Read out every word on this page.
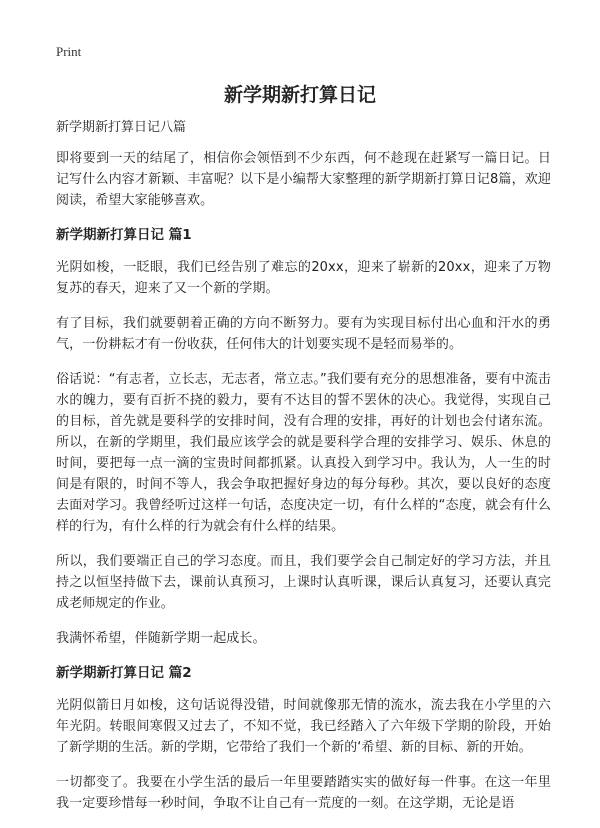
Print
新学期新打算日记

新学期新打算日记八篇

即将要到一天的结尾了，相信你会领悟到不少东西，何不趁现在赶紧写一篇日记。日记写什么内容才新颖、丰富呢？以下是小编帮大家整理的新学期新打算日记8篇，欢迎阅读，希望大家能够喜欢。

新学期新打算日记 篇1

光阴如梭，一眨眼，我们已经告别了难忘的20xx，迎来了崭新的20xx，迎来了万物复苏的春天，迎来了又一个新的学期。

有了目标，我们就要朝着正确的方向不断努力。要有为实现目标付出心血和汗水的勇气，一份耕耘才有一份收获，任何伟大的计划要实现不是轻而易举的。

俗话说：“有志者，立长志，无志者，常立志。”我们要有充分的思想准备，要有中流击水的魄力，要有百折不挠的毅力，要有不达目的誓不罢休的决心。我觉得，实现自己的目标，首先就是要科学的安排时间，没有合理的安排，再好的计划也会付诸东流。所以，在新的学期里，我们最应该学会的就是要科学合理的安排学习、娱乐、休息的时间，要把每一点一滴的宝贵时间都抓紧。认真投入到学习中。我认为，人一生的时间是有限的，时间不等人，我会争取把握好身边的每分每秒。其次，要以良好的态度去面对学习。我曾经听过这样一句话，态度决定一切，有什么样的“态度，就会有什么样的行为，有什么样的行为就会有什么样的结果。

所以，我们要端正自己的学习态度。而且，我们要学会自己制定好的学习方法，并且持之以恒坚持做下去，课前认真预习，上课时认真听课，课后认真复习，还要认真完成老师规定的作业。

我满怀希望，伴随新学期一起成长。

新学期新打算日记 篇2

光阴似箭日月如梭，这句话说得没错，时间就像那无情的流水，流去我在小学里的六年光阴。转眼间寒假又过去了，不知不觉，我已经踏入了六年级下学期的阶段，开始了新学期的生活。新的学期，它带给了我们一个新的‘希望、新的目标、新的开始。

一切都变了。我要在小学生活的最后一年里要踏踏实实的做好每一件事。在这一年里我一定要珍惜每一秒时间，争取不让自己有一荒度的一刻。在这学期，无论是语
